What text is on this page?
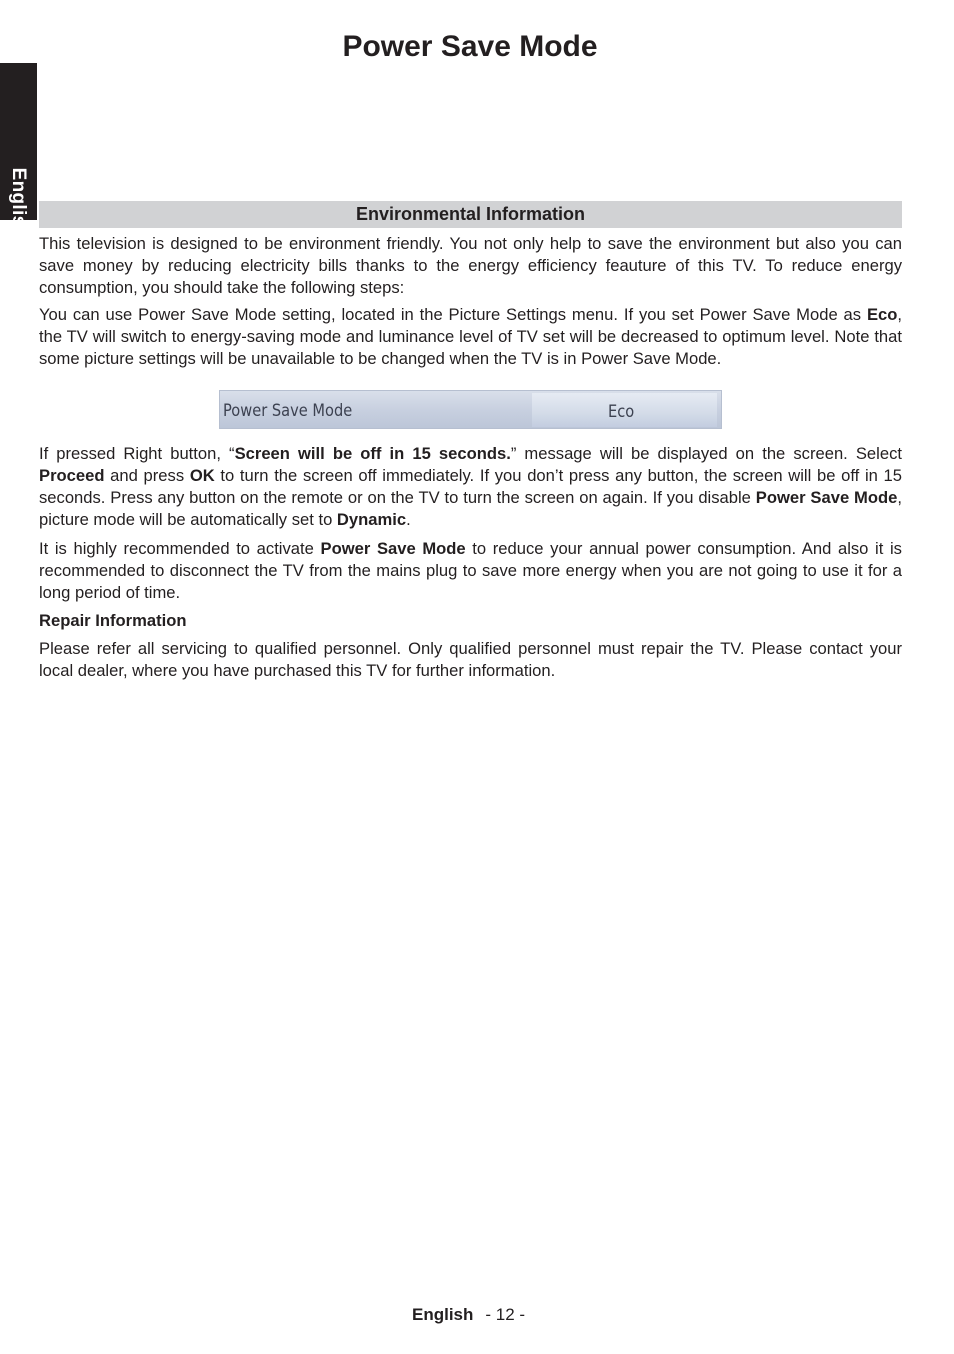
Power Save Mode
English	Environmental Information

This television is designed to be environment friendly. You not only help to save the environment but also you can save money by reducing electricity bills thanks to the energy efficiency feauture of this TV. To reduce energy consumption, you should take the following steps:

You can use Power Save Mode setting, located in the Picture Settings menu. If you set Power Save Mode as Eco, the TV will switch to energy-saving mode and luminance level of TV set will be decreased to optimum level. Note that some picture settings will be unavailable to be changed when the TV is in Power Save Mode.

Power Save Mode	Eco

If pressed Right button, “Screen will be off in 15 seconds.” message will be displayed on the screen. Select Proceed and press OK to turn the screen off immediately. If you don’t press any button, the screen will be off in 15 seconds. Press any button on the remote or on the TV to turn the screen on again. If you disable Power Save Mode, picture mode will be automatically set to Dynamic.

It is highly recommended to activate Power Save Mode to reduce your annual power consumption. And also it is recommended to disconnect the TV from the mains plug to save more energy when you are not going to use it for a long period of time.

Repair Information

Please refer all servicing to qualified personnel. Only qualified personnel must repair the TV. Please contact your local dealer, where you have purchased this TV for further information.

English - 12 -
